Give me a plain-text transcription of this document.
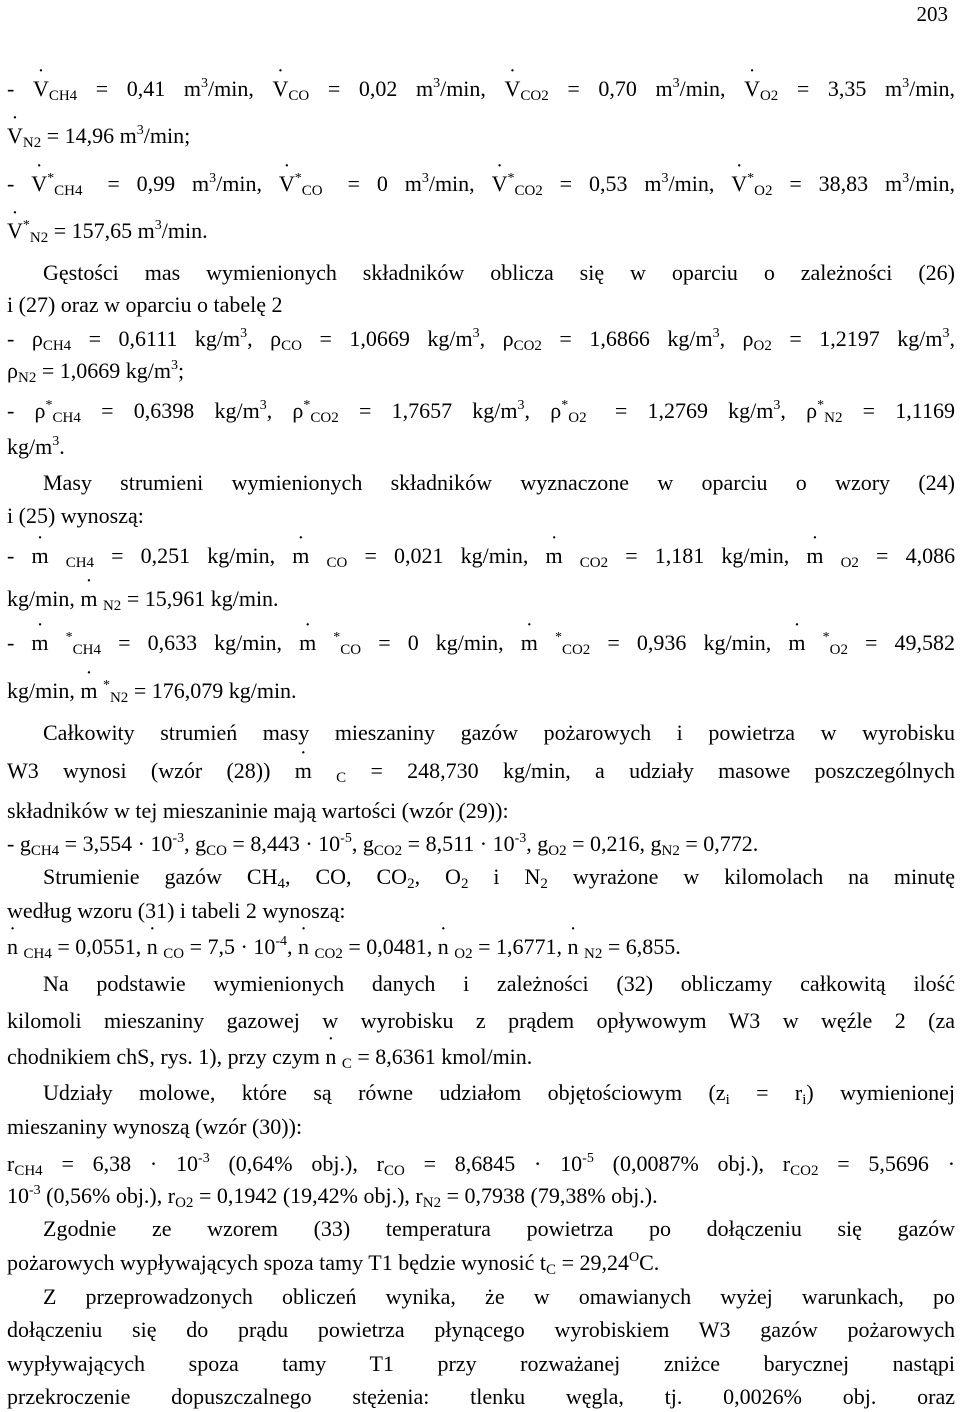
203
- ˙ $V_{CH4} = 0,41$ $m^3/\min$, ˙ $V_{CO} = 0,02$ $m^3/\min$, ˙ $V_{CO2} = 0,70$ $m^3/\min$, ˙ $V_{O2} = 3,35$ $m^3/\min$,
˙ $V_{N2} = 14,96$ $m^3/\min$;
- ˙ $V^*_{CH4} = 0,99$ $m^3/\min$, ˙ $V^*_{CO} = 0$ $m^3/\min$, ˙ $V^*_{CO2} = 0,53$ $m^3/\min$, ˙ $V^*_{O2} = 38,83$ $m^3/\min$,
˙ $V^*_{N2} = 157,65$ $m^3/\min$.
Gęstości mas wymienionych składników oblicza się w oparciu o zależności (26)
i (27) oraz w oparciu o tabelę 2
- $\rho_{CH4} = 0,6111$ $kg/m^3$, $\rho_{CO} = 1,0669$ $kg/m^3$, $\rho_{CO2} = 1,6866$ $kg/m^3$, $\rho_{O2} = 1,2197$ $kg/m^3$,
$\rho_{N2} = 1,0669$ $kg/m^3$;
- $\rho^*_{CH4} = 0,6398$ $kg/m^3$, $\rho^*_{CO2} = 1,7657$ $kg/m^3$, $\rho^*_{O2} = 1,2769$ $kg/m^3$, $\rho^*_{N2} = 1,1169$
$kg/m^3$.
Masy strumieni wymienionych składników wyznaczone w oparciu o wzory (24)
i (25) wynoszą:
- ˙ m $_{CH4}$ = 0,251 kg/min, ˙ m $_{CO}$ = 0,021 kg/min, ˙ m $_{CO2}$ = 1,181 kg/min, ˙ m $_{O2}$ = 4,086
kg/min, ˙ m $_{N2}$ = 15,961 kg/min.
- ˙ m *$_{CH4}$ = 0,633 kg/min, ˙ m *$_{CO}$ = 0 kg/min, ˙ m *$_{CO2}$ = 0,936 kg/min, ˙ m *$_{O2}$ = 49,582
kg/min, ˙ m *$_{N2}$ = 176,079 kg/min.
Całkowity strumień masy mieszaniny gazów pożarowych i powietrza w wyrobisku
W3 wynosi (wzór (28)) ˙ m $_C$ = 248,730 kg/min, a udziały masowe poszczególnych
składników w tej mieszaninie mają wartości (wzór (29)):
- $g_{CH4} = 3,554 \cdot 10^{-3}$, $g_{CO} = 8,443 \cdot 10^{-5}$, $g_{CO2} = 8,511 \cdot 10^{-3}$, $g_{O2} = 0,216$, $g_{N2} = 0,772$.
Strumienie gazów $CH_4$, CO, $CO_2$, $O_2$ i $N_2$ wyrażone w kilomolach na minutę
według wzoru (31) i tabeli 2 wynoszą:
˙ n $_{CH4}$ = 0,0551, ˙ n $_{CO} = 7,5 \cdot 10^{-4}$, ˙ n $_{CO2}$ = 0,0481, ˙ n $_{O2}$ = 1,6771, ˙ n $_{N2}$ = 6,855.
Na podstawie wymienionych danych i zależności (32) obliczamy całkowitą ilość
kilomoli mieszaniny gazowej w wyrobisku z prądem opływowym W3 w węźle 2 (za
chodnikiem chS, rys. 1), przy czym ˙ n $_C$ = 8,6361 kmol/min.
Udziały molowe, które są równe udziałom objętościowym $(z_i = r_i)$ wymienionej
mieszaniny wynoszą (wzór (30)):
$r_{CH4} = 6,38 \cdot 10^{-3}$ (0,64% obj.), $r_{CO} = 8,6845 \cdot 10^{-5}$ (0,0087% obj.), $r_{CO2} = 5,5696$ ·
$10^{-3}$ (0,56% obj.), $r_{O2} = 0,1942$ (19,42% obj.), $r_{N2} = 0,7938$ (79,38% obj.).
Zgodnie ze wzorem (33) temperatura powietrza po dołączeniu się gazów
pożarowych wypływających spoza tamy T1 będzie wynosić $t_C = 29,24^OC$.
Z przeprowadzonych obliczeń wynika, że w omawianych wyżej warunkach, po
dołączeniu się do prądu powietrza płynącego wyrobiskiem W3 gazów pożarowych
wypływających spoza tamy T1 przy rozważanej zniżce barycznej nastąpi
przekroczenie dopuszczalnego stężenia: tlenku węgla, tj. 0,0026% obj. oraz
